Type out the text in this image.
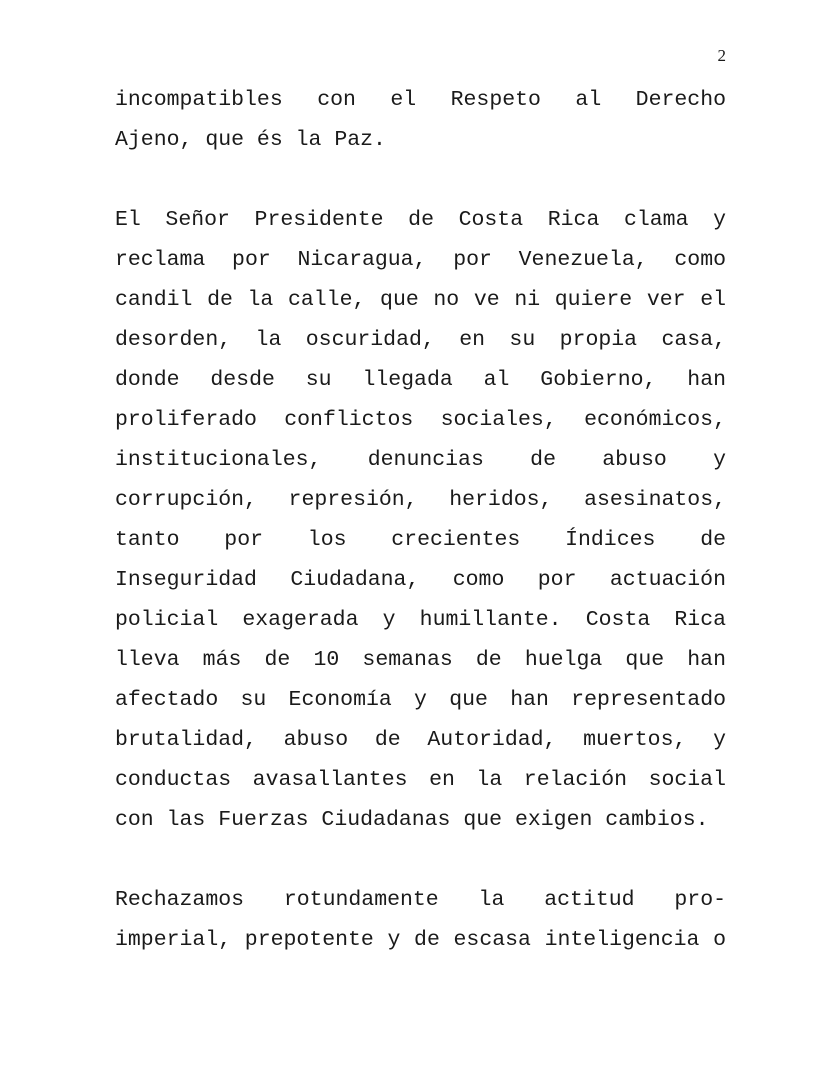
2
incompatibles con el Respeto al Derecho
Ajeno, que és la Paz.
El Señor Presidente de Costa Rica clama y
reclama por Nicaragua, por Venezuela, como
candil de la calle, que no ve ni quiere ver el
desorden, la oscuridad, en su propia casa,
donde desde su llegada al Gobierno, han
proliferado conflictos sociales, económicos,
institucionales, denuncias de abuso y
corrupción, represión, heridos, asesinatos,
tanto por los crecientes Índices de
Inseguridad Ciudadana, como por actuación
policial exagerada y humillante. Costa Rica
lleva más de 10 semanas de huelga que han
afectado su Economía y que han representado
brutalidad, abuso de Autoridad, muertos, y
conductas avasallantes en la relación social
con las Fuerzas Ciudadanas que exigen cambios.
Rechazamos rotundamente la actitud pro-
imperial, prepotente y de escasa inteligencia o
